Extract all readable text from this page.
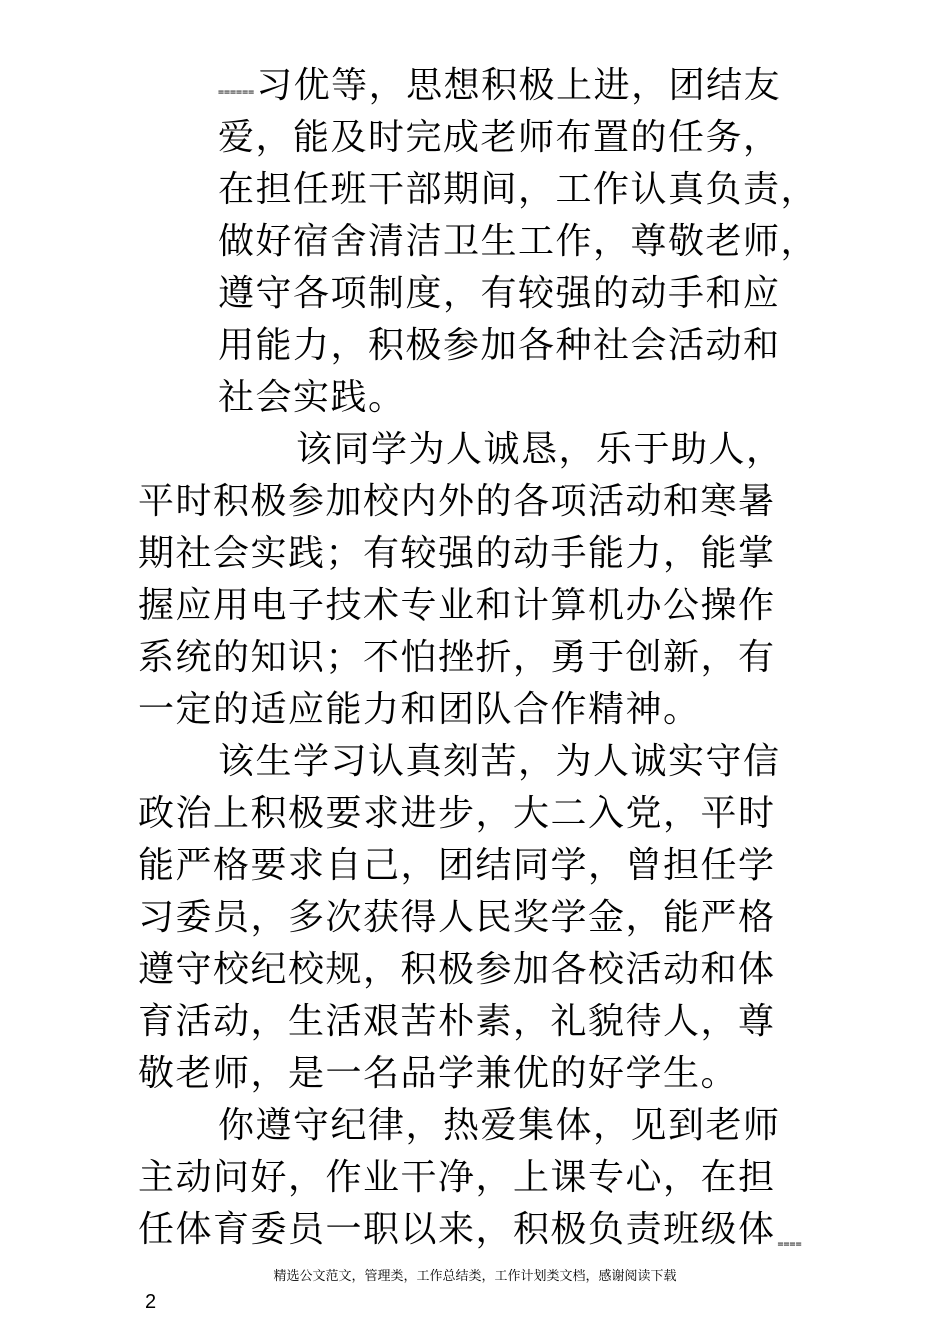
======习优等，思想积极上进，团结友
爱，能及时完成老师布置的任务，
在担任班干部期间，工作认真负责，
做好宿舍清洁卫生工作，尊敬老师，
遵守各项制度，有较强的动手和应
用能力，积极参加各种社会活动和
社会实践。
该同学为人诚恳，乐于助人，
平时积极参加校内外的各项活动和寒暑
期社会实践；有较强的动手能力，能掌
握应用电子技术专业和计算机办公操作
系统的知识；不怕挫折，勇于创新，有
一定的适应能力和团队合作精神。
该生学习认真刻苦，为人诚实守信
政治上积极要求进步，大二入党，平时
能严格要求自己，团结同学，曾担任学
习委员，多次获得人民奖学金，能严格
遵守校纪校规，积极参加各校活动和体
育活动，生活艰苦朴素，礼貌待人，尊
敬老师，是一名品学兼优的好学生。
你遵守纪律，热爱集体，见到老师
主动问好，作业干净，上课专心，在担
任体育委员一职以来，积极负责班级体 ====
精选公文范文，管理类，工作总结类，工作计划类文档，感谢阅读下载
2
